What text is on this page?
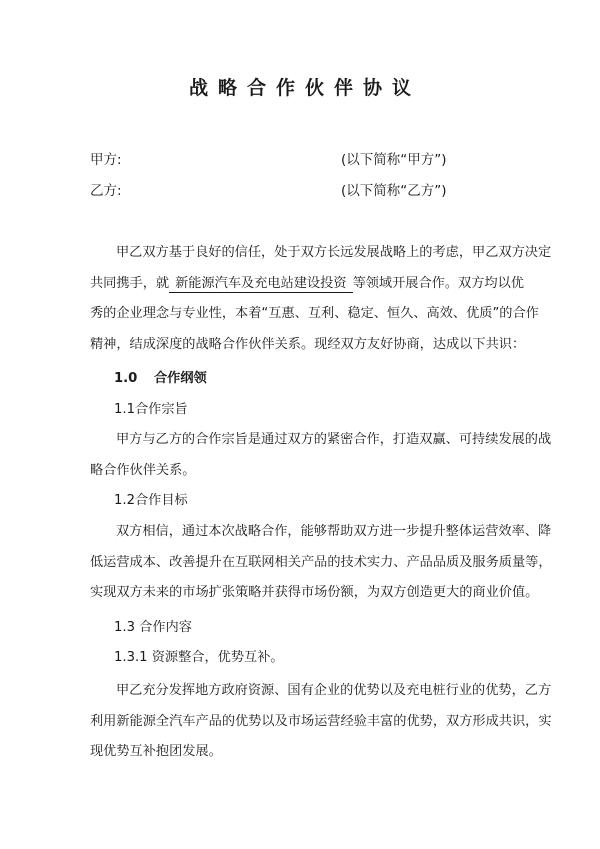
战略合作伙伴协议
甲方:	(以下简称“甲方”)
乙方:	(以下简称“乙方”)
甲乙双方基于良好的信任，处于双方长远发展战略上的考虑，甲乙双方决定
共同携手，就 新能源汽车及充电站建设投资 等领域开展合作。双方均以优
秀的企业理念与专业性，本着“互惠、互利、稳定、恒久、高效、优质”的合作
精神，结成深度的战略合作伙伴关系。现经双方友好协商，达成以下共识：
1.0 合作纲领
1.1合作宗旨
甲方与乙方的合作宗旨是通过双方的紧密合作，打造双赢、可持续发展的战
略合作伙伴关系。
1.2合作目标
双方相信，通过本次战略合作，能够帮助双方进一步提升整体运营效率、降
低运营成本、改善提升在互联网相关产品的技术实力、产品品质及服务质量等，
实现双方未来的市场扩张策略并获得市场份额，为双方创造更大的商业价值。
1.3 合作内容
1.3.1 资源整合，优势互补。
甲乙充分发挥地方政府资源、国有企业的优势以及充电桩行业的优势，乙方
利用新能源全汽车产品的优势以及市场运营经验丰富的优势，双方形成共识，实
现优势互补抱团发展。
